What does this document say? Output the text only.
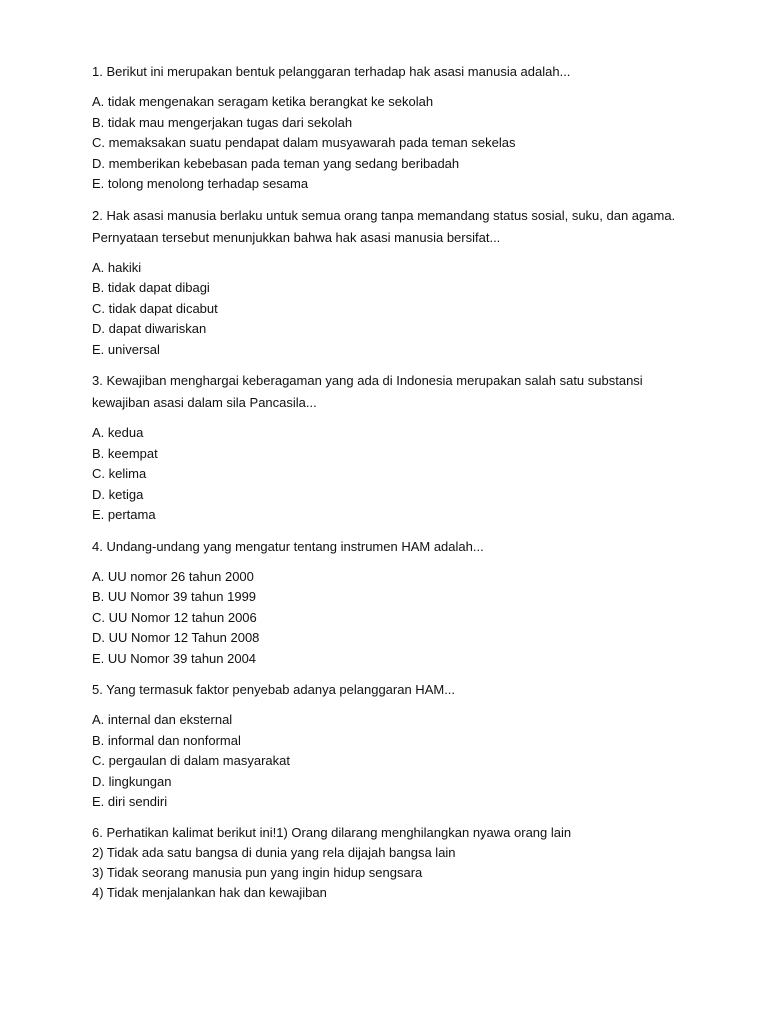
1. Berikut ini merupakan bentuk pelanggaran terhadap hak asasi manusia adalah...

A. tidak mengenakan seragam ketika berangkat ke sekolah
B. tidak mau mengerjakan tugas dari sekolah
C. memaksakan suatu pendapat dalam musyawarah pada teman sekelas
D. memberikan kebebasan pada teman yang sedang beribadah
E. tolong menolong terhadap sesama

2. Hak asasi manusia berlaku untuk semua orang tanpa memandang status sosial, suku, dan agama. Pernyataan tersebut menunjukkan bahwa hak asasi manusia bersifat...

A. hakiki
B. tidak dapat dibagi
C. tidak dapat dicabut
D. dapat diwariskan
E. universal

3. Kewajiban menghargai keberagaman yang ada di Indonesia merupakan salah satu substansi kewajiban asasi dalam sila Pancasila...

A. kedua
B. keempat
C. kelima
D. ketiga
E. pertama

4. Undang-undang yang mengatur tentang instrumen HAM adalah...

A. UU nomor 26 tahun 2000
B. UU Nomor 39 tahun 1999
C. UU Nomor 12 tahun 2006
D. UU Nomor 12 Tahun 2008
E. UU Nomor 39 tahun 2004

5. Yang termasuk faktor penyebab adanya pelanggaran HAM...

A. internal dan eksternal
B. informal dan nonformal
C. pergaulan di dalam masyarakat
D. lingkungan
E. diri sendiri
6. Perhatikan kalimat berikut ini!1) Orang dilarang menghilangkan nyawa orang lain
2) Tidak ada satu bangsa di dunia yang rela dijajah bangsa lain
3) Tidak seorang manusia pun yang ingin hidup sengsara
4) Tidak menjalankan hak dan kewajiban
